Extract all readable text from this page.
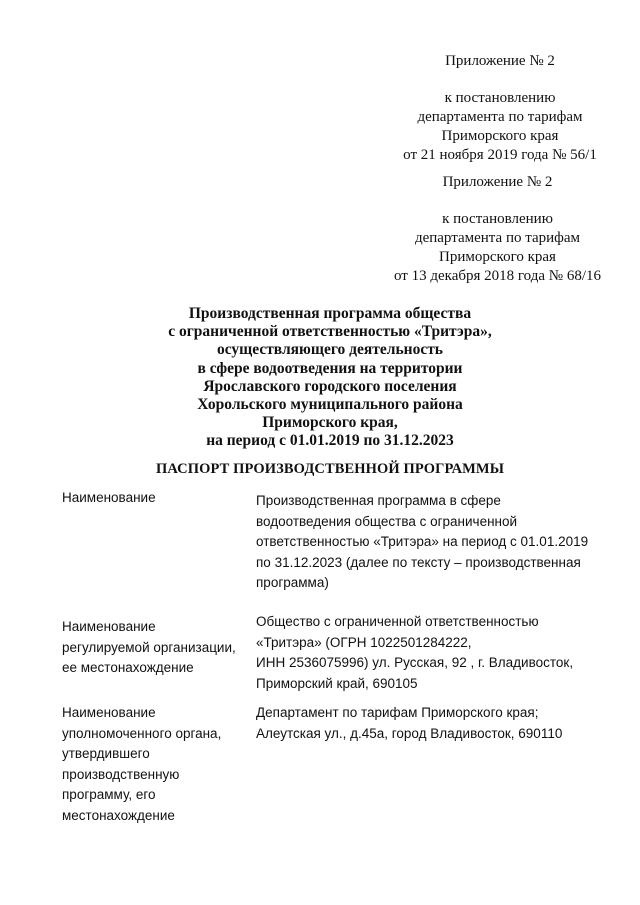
Приложение № 2
к постановлению
департамента по тарифам
Приморского края
от 21 ноября 2019 года № 56/1
Приложение № 2
к постановлению
департамента по тарифам
Приморского края
от 13 декабря 2018 года № 68/16
Производственная программа общества
с ограниченной ответственностью «Тритэра»,
осуществляющего деятельность
в сфере водоотведения на территории
Ярославского городского поселения
Хорольского муниципального района
Приморского края,
на период с 01.01.2019 по 31.12.2023
ПАСПОРТ ПРОИЗВОДСТВЕННОЙ ПРОГРАММЫ
Наименование	Производственная программа в сфере
водоотведения общества с ограниченной
ответственностью «Тритэра» на период с 01.01.2019
по 31.12.2023 (далее по тексту – производственная
программа)
Наименование
регулируемой организации,
ее местонахождение
Общество с ограниченной ответственностью
«Тритэра» (ОГРН 1022501284222,
ИНН 2536075996) ул. Русская, 92 , г. Владивосток,
Приморский край, 690105
Наименование
уполномоченного органа,
утвердившего
производственную
программу, его
местонахождение
Департамент по тарифам Приморского края;
Алеутская ул., д.45а, город Владивосток, 690110
